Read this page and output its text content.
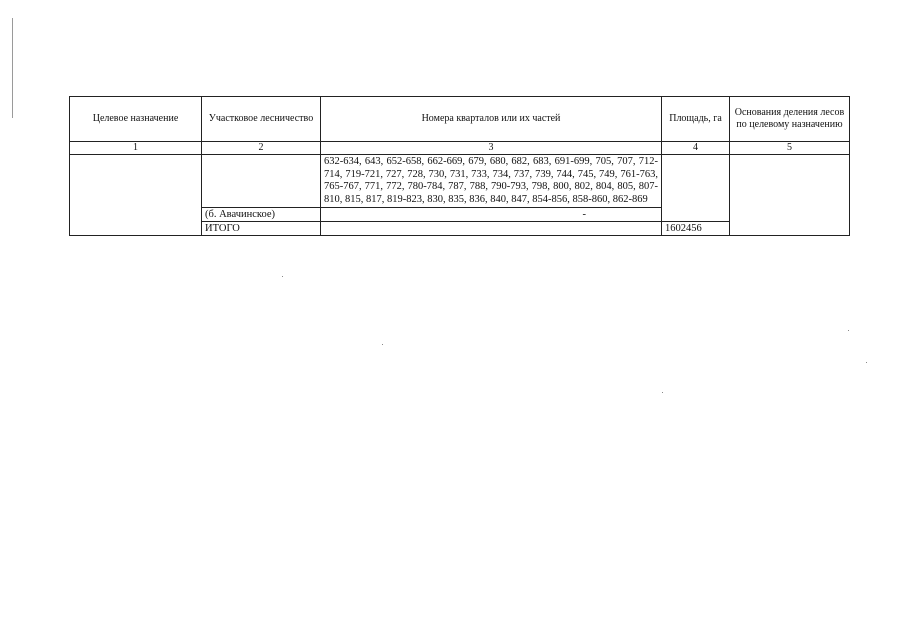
Целевое назначение	Участковое лесничество	Номера кварталов или их частей	Площадь, га	Основания деления лесов по целевому назначению
1	2	3	4	5
		632-634, 643, 652-658, 662-669, 679, 680, 682, 683, 691-699, 705, 707, 712-714, 719-721, 727, 728, 730, 731, 733, 734, 737, 739, 744, 745, 749, 761-763, 765-767, 771, 772, 780-784, 787, 788, 790-793, 798, 800, 802, 804, 805, 807-810, 815, 817, 819-823, 830, 835, 836, 840, 847, 854-856, 858-860, 862-869		
	(б. Авачинское)	-		
	ИТОГО		1602456	
